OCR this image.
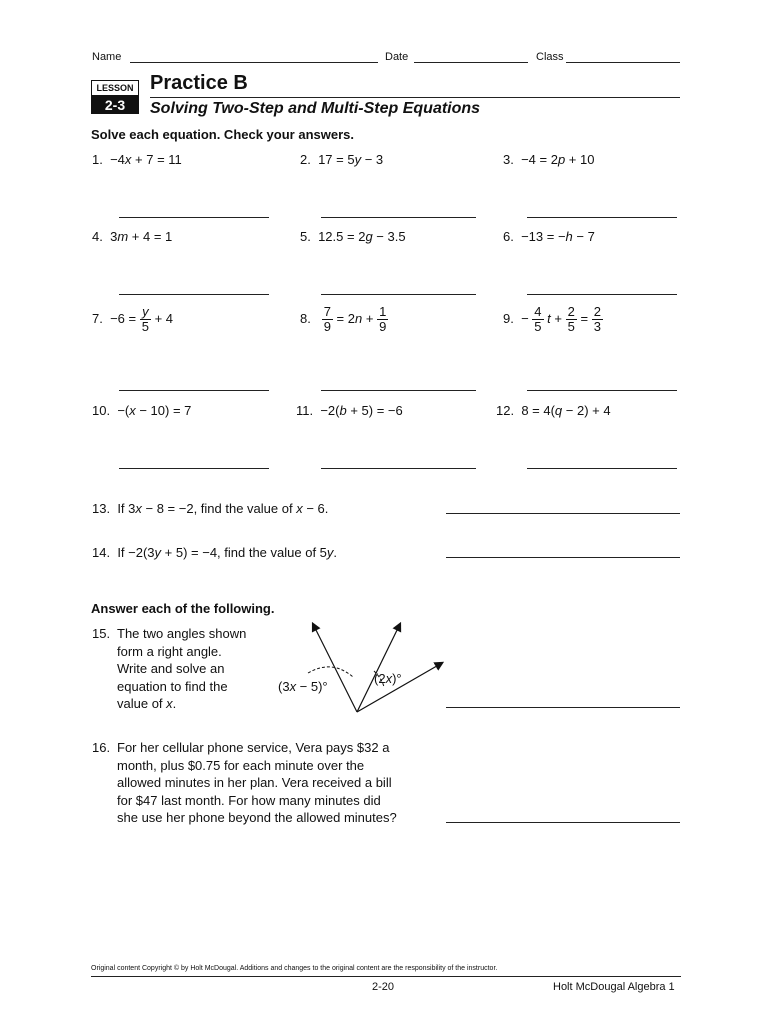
Name	Date	Class
LESSON
2-3
Practice B
Solving Two-Step and Multi-Step Equations
Solve each equation. Check your answers.
1. −4x + 7 = 11	2. 17 = 5y − 3	3. −4 = 2p + 10
4. 3m + 4 = 1	5. 12.5 = 2g − 3.5	6. −13 = −h − 7
7. $-6 = \frac{y}{5} + 4$	8. $\frac{7}{9} = 2n + \frac{1}{9}$	9. − $\frac{4}{5}$ $t + \frac{2}{5} = \frac{2}{3}$
10. −(x − 10) = 7	11. −2(b + 5) = −6	12. 8 = 4(q − 2) + 4
13. If 3x − 8 = −2, find the value of x − 6.
14. If −2(3y + 5) = −4, find the value of 5y.
Answer each of the following.
15. The two angles shown
form a right angle.
Write and solve an
equation to find the
value of x.
(3x − 5)°
(2x)°
16. For her cellular phone service, Vera pays $32 a
month, plus $0.75 for each minute over the
allowed minutes in her plan. Vera received a bill
for $47 last month. For how many minutes did
she use her phone beyond the allowed minutes?
Original content Copyright © by Holt McDougal. Additions and changes to the original content are the responsibility of the instructor.
2-20	Holt McDougal Algebra 1
